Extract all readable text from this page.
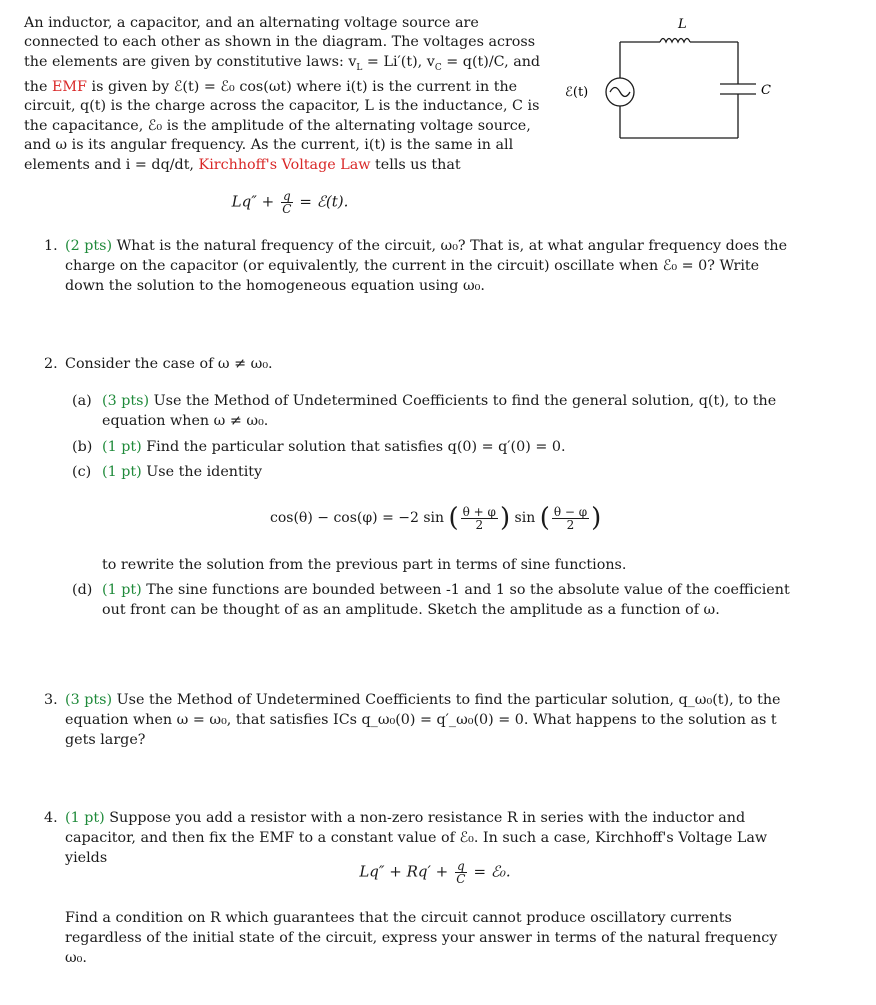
An inductor, a capacitor, and an alternating voltage source are connected to each other as shown in the diagram. The voltages across the elements are given by constitutive laws: $v_L = Li'(t)$, $v_C = q(t)/C$, and the EMF is given by ℰ(t) = ℰ₀ cos(ωt) where i(t) is the current in the circuit, q(t) is the charge across the capacitor, L is the inductance, C is the capacitance, ℰ₀ is the amplitude of the alternating voltage source, and ω is its angular frequency. As the current, i(t) is the same in all elements and i = dq/dt, Kirchhoff's Voltage Law tells us that
L
C
ℰ(t)
$Lq'' + \frac{q}{C}$ = ℰ(t).
1. (2 pts) What is the natural frequency of the circuit, ω₀? That is, at what angular frequency does the charge on the capacitor (or equivalently, the current in the circuit) oscillate when ℰ₀ = 0? Write down the solution to the homogeneous equation using ω₀.
2. Consider the case of ω ≠ ω₀.
(a) (3 pts) Use the Method of Undetermined Coefficients to find the general solution, q(t), to the equation when ω ≠ ω₀.
(b) (1 pt) Find the particular solution that satisfies q(0) = q′(0) = 0.
(c) (1 pt) Use the identity
cos(θ) − cos(φ) = −2 sin ( $\frac{\theta + \varphi}{2}$ ) sin ( $\frac{\theta - \varphi}{2}$ )
to rewrite the solution from the previous part in terms of sine functions.
(d) (1 pt) The sine functions are bounded between -1 and 1 so the absolute value of the coefficient out front can be thought of as an amplitude. Sketch the amplitude as a function of ω.
3. (3 pts) Use the Method of Undetermined Coefficients to find the particular solution, q_ω₀(t), to the equation when ω = ω₀, that satisfies ICs q_ω₀(0) = q′_ω₀(0) = 0. What happens to the solution as t gets large?
4. (1 pt) Suppose you add a resistor with a non-zero resistance R in series with the inductor and capacitor, and then fix the EMF to a constant value of ℰ₀. In such a case, Kirchhoff's Voltage Law yields
$Lq'' + Rq' + \frac{q}{C}$ = ℰ₀.
Find a condition on R which guarantees that the circuit cannot produce oscillatory currents regardless of the initial state of the circuit, express your answer in terms of the natural frequency ω₀.
